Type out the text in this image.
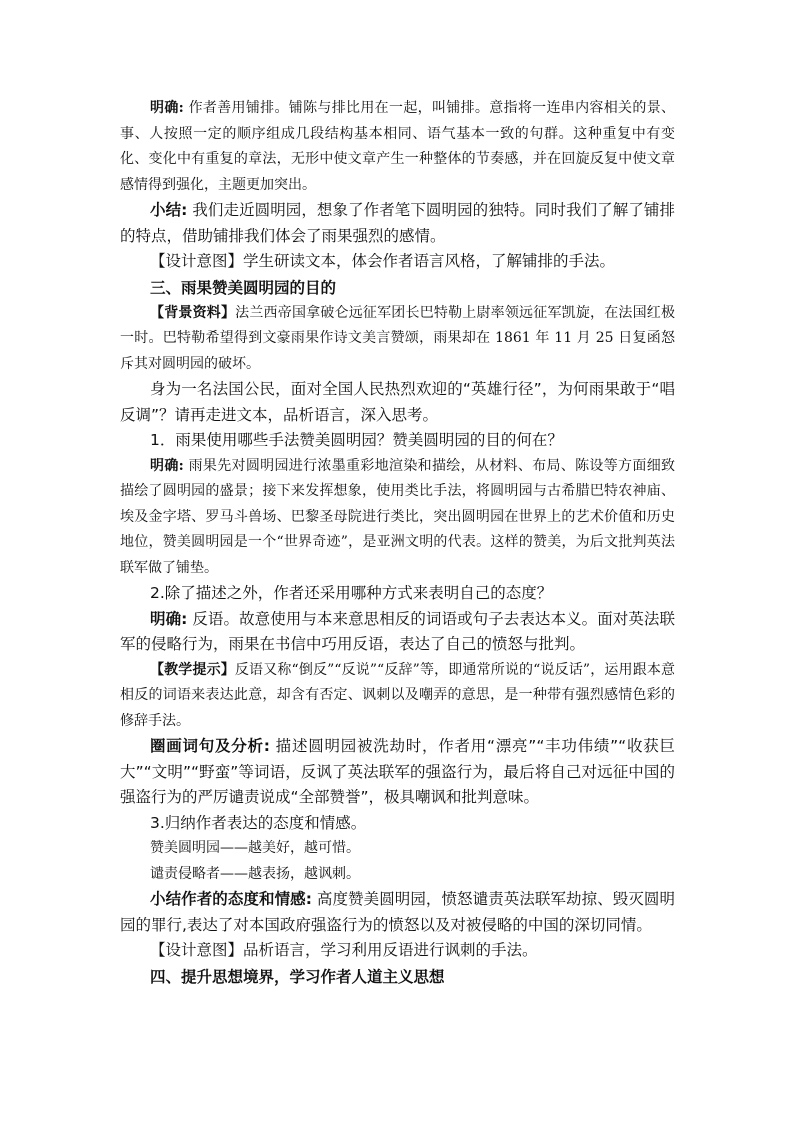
明确: 作者善用铺排。铺陈与排比用在一起，叫铺排。意指将一连串内容相关的景、事、人按照一定的顺序组成几段结构基本相同、语气基本一致的句群。这种重复中有变化、变化中有重复的章法，无形中使文章产生一种整体的节奏感，并在回旋反复中使文章感情得到强化，主题更加突出。

小结: 我们走近圆明园，想象了作者笔下圆明园的独特。同时我们了解了铺排的特点，借助铺排我们体会了雨果强烈的感情。

【设计意图】学生研读文本，体会作者语言风格，了解铺排的手法。

三、雨果赞美圆明园的目的

【背景资料】法兰西帝国拿破仑远征军团长巴特勒上尉率领远征军凯旋，在法国红极一时。巴特勒希望得到文豪雨果作诗文美言赞颂，雨果却在 1861 年 11 月 25 日复函怒斥其对圆明园的破坏。

身为一名法国公民，面对全国人民热烈欢迎的“英雄行径”，为何雨果敢于“唱反调”？请再走进文本，品析语言，深入思考。

1．雨果使用哪些手法赞美圆明园？赞美圆明园的目的何在？

明确: 雨果先对圆明园进行浓墨重彩地渲染和描绘，从材料、布局、陈设等方面细致描绘了圆明园的盛景；接下来发挥想象，使用类比手法，将圆明园与古希腊巴特农神庙、埃及金字塔、罗马斗兽场、巴黎圣母院进行类比，突出圆明园在世界上的艺术价值和历史地位，赞美圆明园是一个“世界奇迹”，是亚洲文明的代表。这样的赞美，为后文批判英法联军做了铺垫。

2.除了描述之外，作者还采用哪种方式来表明自己的态度？

明确: 反语。故意使用与本来意思相反的词语或句子去表达本义。面对英法联军的侵略行为，雨果在书信中巧用反语，表达了自己的愤怒与批判。

【教学提示】反语又称“倒反”“反说”“反辞”等，即通常所说的“说反话”，运用跟本意相反的词语来表达此意，却含有否定、讽刺以及嘲弄的意思，是一种带有强烈感情色彩的修辞手法。

圈画词句及分析: 描述圆明园被洗劫时，作者用“漂亮”“丰功伟绩”“收获巨大”“文明”“野蛮”等词语，反讽了英法联军的强盗行为，最后将自己对远征中国的强盗行为的严厉谴责说成“全部赞誉”，极具嘲讽和批判意味。

3.归纳作者表达的态度和情感。

赞美圆明园——越美好，越可惜。

谴责侵略者——越表扬，越讽刺。

小结作者的态度和情感: 高度赞美圆明园，愤怒谴责英法联军劫掠、毁灭圆明园的罪行,表达了对本国政府强盗行为的愤怒以及对被侵略的中国的深切同情。

【设计意图】品析语言，学习利用反语进行讽刺的手法。

四、提升思想境界，学习作者人道主义思想
